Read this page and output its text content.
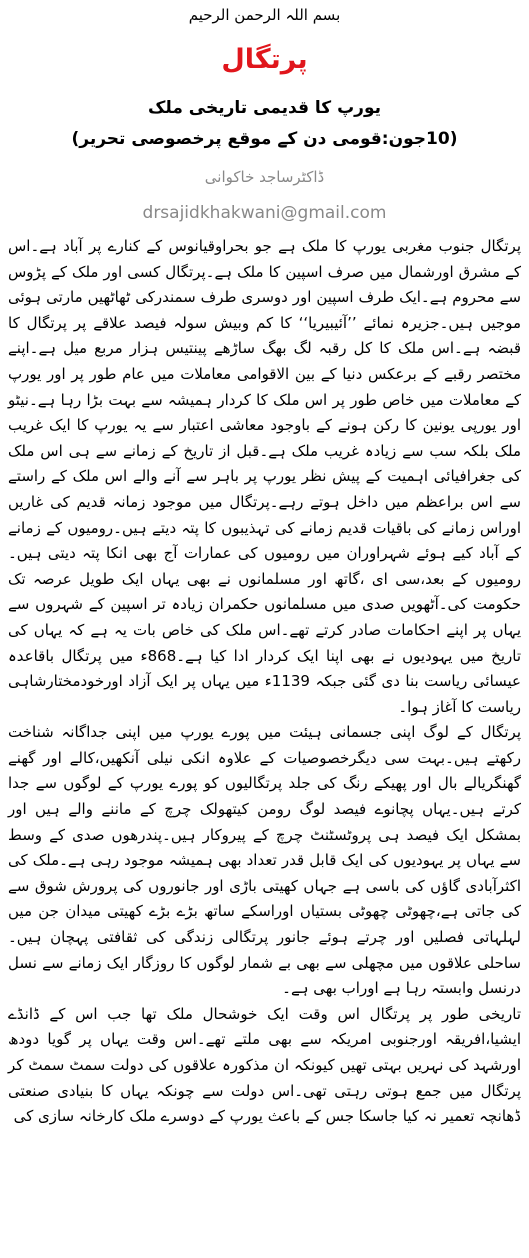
بسم اللہ الرحمن الرحیم
پرتگال
یورپ کا قدیمی تاریخی ملک
(10جون:قومی دن کے موقع پرخصوصی تحریر)
ڈاکٹرساجد خاکوانی
drsajidkhakwani@gmail.com

پرتگال جنوب مغربی یورپ کا ملک ہے جو بحراوقیانوس کے کنارے پر آباد ہے۔اس کے مشرق اورشمال میں صرف اسپین کا ملک ہے۔پرتگال کسی اور ملک کے پڑوس سے محروم ہے۔ایک طرف اسپین اور دوسری طرف سمندرکی ٹھاٹھیں مارتی ہوئی موجیں ہیں۔جزیرہ نمائے ’’آئیبیریا‘‘ کا کم وبیش سولہ فیصد علاقے پر پرتگال کا قبضہ ہے۔اس ملک کا کل رقبہ لگ بھگ ساڑھے پینتیس ہزار مربع میل ہے۔اپنے مختصر رقبے کے برعکس دنیا کے بین الاقوامی معاملات میں عام طور پر اور یورپ کے معاملات میں خاص طور پر اس ملک کا کردار ہمیشہ سے بہت بڑا رہا ہے۔نیٹو اور یورپی یونین کا رکن ہونے کے باوجود معاشی اعتبار سے یہ یورپ کا ایک غریب ملک بلکہ سب سے زیادہ غریب ملک ہے۔قبل از تاریخ کے زمانے سے ہی اس ملک کی جغرافیائی اہمیت کے پیش نظر یورپ پر باہر سے آنے والے اس ملک کے راستے سے اس براعظم میں داخل ہوتے رہے۔پرتگال میں موجود زمانہ قدیم کی غاریں اوراس زمانے کی باقیات قدیم زمانے کی تہذیبوں کا پتہ دیتے ہیں۔رومیوں کے زمانے کے آباد کیے ہوئے شہراوران میں رومیوں کی عمارات آج بھی انکا پتہ دیتی ہیں۔رومیوں کے بعد،سی ای ،گاتھ اور مسلمانوں نے بھی یہاں ایک طویل عرصہ تک حکومت کی۔آٹھویں صدی میں مسلمانوں حکمران زیادہ تر اسپین کے شہروں سے یہاں پر اپنے احکامات صادر کرتے تھے۔اس ملک کی خاص بات یہ ہے کہ یہاں کی تاریخ میں یہودیوں نے بھی اپنا ایک کردار ادا کیا ہے۔868ء میں پرتگال باقاعدہ عیسائی ریاست بنا دی گئی جبکہ 1139ء میں یہاں پر ایک آزاد اورخودمختارشاہی ریاست کا آغاز ہوا۔

پرتگال کے لوگ اپنی جسمانی ہیئت میں پورے یورپ میں اپنی جداگانہ شناخت رکھتے ہیں۔بہت سی دیگرخصوصیات کے علاوہ انکی نیلی آنکھیں،کالے اور گھنے گھنگریالے بال اور پھیکے رنگ کی جلد پرتگالیوں کو پورے یورپ کے لوگوں سے جدا کرتے ہیں۔یہاں پچانوے فیصد لوگ رومن کیتھولک چرچ کے ماننے والے ہیں اور بمشکل ایک فیصد ہی پروٹسٹنٹ چرچ کے پیروکار ہیں۔پندرھوں صدی کے وسط سے یہاں پر یہودیوں کی ایک قابل قدر تعداد بھی ہمیشہ موجود رہی ہے۔ملک کی اکثرآبادی گاؤں کی باسی ہے جہاں کھیتی باڑی اور جانوروں کی پرورش شوق سے کی جاتی ہے،چھوٹی چھوٹی بستیاں اوراسکے ساتھ بڑے بڑے کھیتی میدان جن میں لہلہاتی فصلیں اور چرتے ہوئے جانور پرتگالی زندگی کی ثقافتی پہچان ہیں۔ساحلی علاقوں میں مچھلی سے بھی بے شمار لوگوں کا روزگار ایک زمانے سے نسل درنسل وابستہ رہا ہے اوراب بھی ہے۔

تاریخی طور پر پرتگال اس وقت ایک خوشحال ملک تھا جب اس کے ڈانڈے ایشیا،افریقہ اورجنوبی امریکہ سے بھی ملتے تھے۔اس وقت یہاں پر گویا دودھ اورشہد کی نہریں بہتی تھیں کیونکہ ان مذکورہ علاقوں کی دولت سمٹ سمٹ کر پرتگال میں جمع ہوتی رہتی تھی۔اس دولت سے چونکہ یہاں کا بنیادی صنعتی ڈھانچہ تعمیر نہ کیا جاسکا جس کے باعث یورپ کے دوسرے ملک کارخانہ سازی کی
